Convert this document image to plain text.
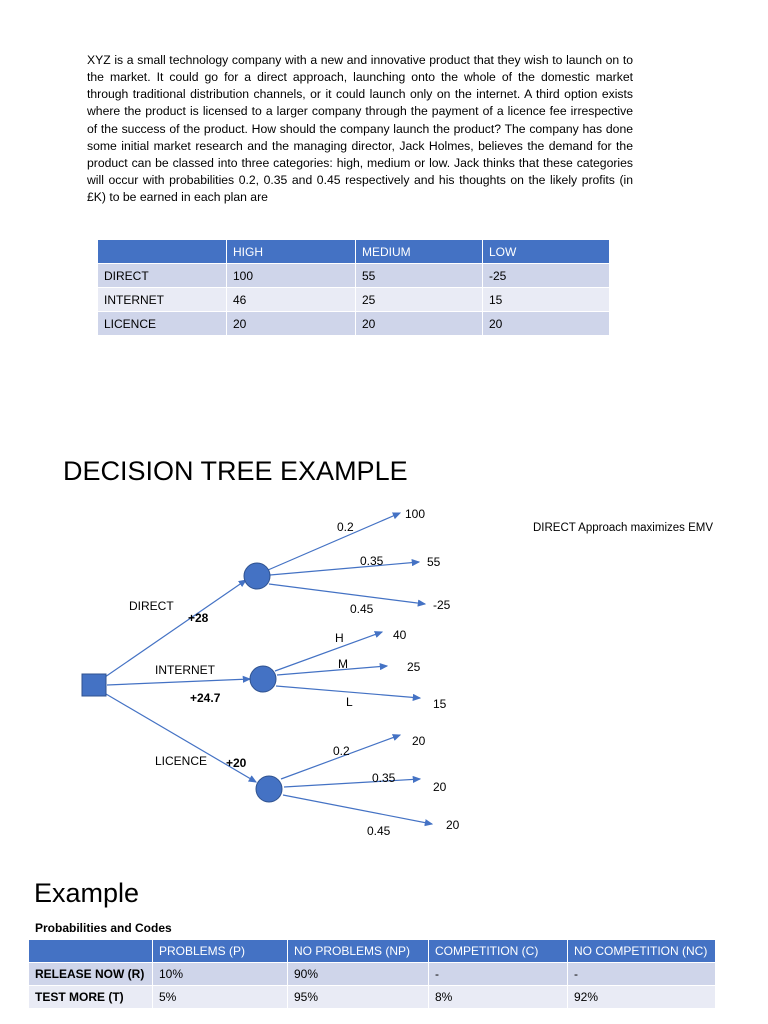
XYZ is a small technology company with a new and innovative product that they wish to launch on to the market. It could go for a direct approach, launching onto the whole of the domestic market through traditional distribution channels, or it could launch only on the internet. A third option exists where the product is licensed to a larger company through the payment of a licence fee irrespective of the success of the product. How should the company launch the product? The company has done some initial market research and the managing director, Jack Holmes, believes the demand for the product can be classed into three categories: high, medium or low. Jack thinks that these categories will occur with probabilities 0.2, 0.35 and 0.45 respectively and his thoughts on the likely profits (in £K) to be earned in each plan are

	HIGH	MEDIUM	LOW
DIRECT	100	55	-25
INTERNET	46	25	15
LICENCE	20	20	20
DECISION TREE EXAMPLE
DIRECT
+28
INTERNET
+24.7
LICENCE +20
0.2
100
0.35	55
0.45	-25
H	40
M	25
L	15
0.2
20
0.35
20
0.45	20
DIRECT Approach maximizes EMV
Example
Probabilities and Codes
	PROBLEMS (P)	NO PROBLEMS (NP)	COMPETITION (C)	NO COMPETITION (NC)
RELEASE NOW (R)	10%	90%	-	-
TEST MORE (T)	5%	95%	8%	92%
